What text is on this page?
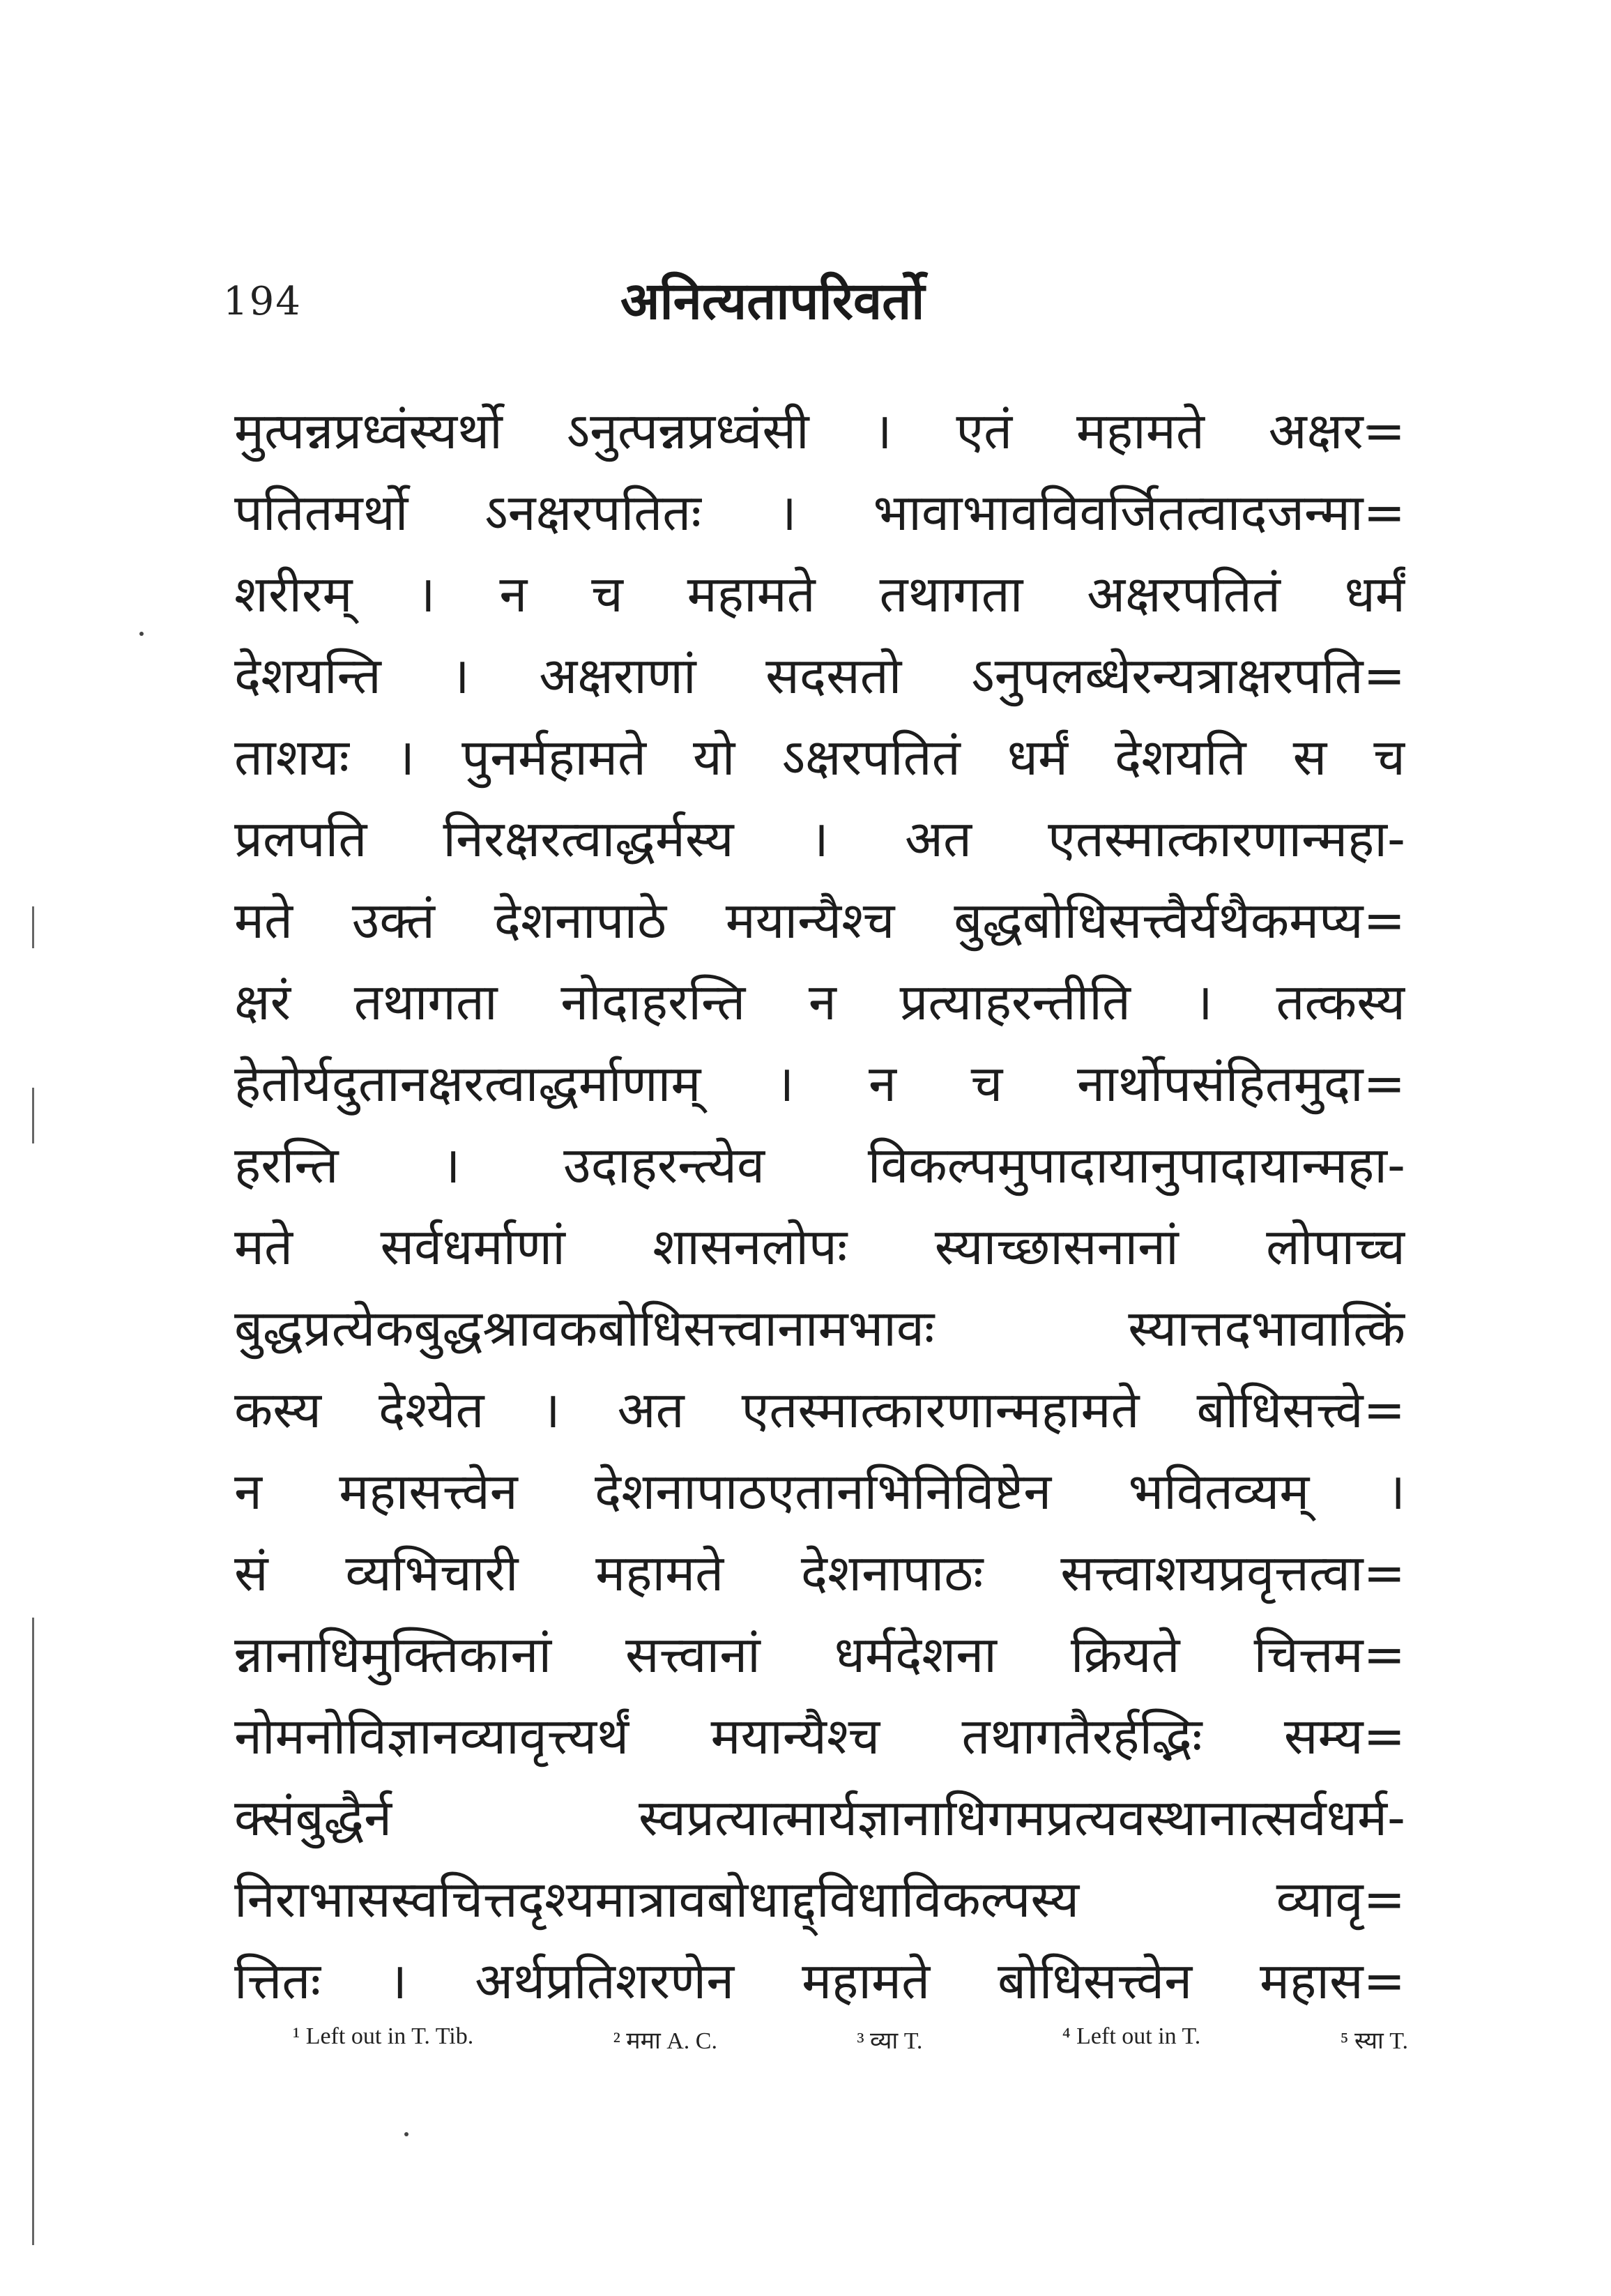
194	अनित्यतापरिवर्तो
मुत्पन्नप्रध्वंस्यर्थो ऽनुत्पन्नप्रध्वंसी । एतं महामते अक्षर=
पतितमर्थो ऽनक्षरपतितः । भावाभावविवर्जितत्वादजन्मा=
शरीरम् । न च महामते तथागता अक्षरपतितं धर्मं
देशयन्ति । अक्षराणां सदसतो ऽनुपलब्धेरन्यत्राक्षरपति=
ताशयः । पुनर्महामते यो ऽक्षरपतितं धर्मं देशयति स च
प्रलपति निरक्षरत्वाद्धर्मस्य । अत एतस्मात्कारणान्महा-
मते उक्तं देशनापाठे मयान्यैश्च बुद्धबोधिसत्त्वैर्यथैकमप्य=
क्षरं तथागता नोदाहरन्ति न प्रत्याहरन्तीति । तत्कस्य
हेतोर्यदुतानक्षरत्वाद्धर्माणाम् । न च नार्थोपसंहितमुदा=
हरन्ति । उदाहरन्त्येव विकल्पमुपादायानुपादायान्महा-
मते सर्वधर्माणां शासनलोपः स्याच्छासनानां लोपाच्च
बुद्धप्रत्येकबुद्धश्रावकबोधिसत्त्वानामभावः स्यात्तदभावात्किं
कस्य देश्येत । अत एतस्मात्कारणान्महामते बोधिसत्त्वे=
न महासत्त्वेन देशनापाठएतानभिनिविष्टेन भवितव्यम् ।
सं व्यभिचारी महामते देशनापाठः सत्त्वाशयप्रवृत्तत्वा=
न्नानाधिमुक्तिकानां सत्त्वानां धर्मदेशना क्रियते चित्तम=
नोमनोविज्ञानव्यावृत्त्यर्थं मयान्यैश्च तथागतैरर्हद्भिः सम्य=
क्संबुद्धैर्न स्वप्रत्यात्मार्यज्ञानाधिगमप्रत्यवस्थानात्सर्वधर्म-
निराभासस्वचित्तदृश्यमात्रावबोधाद्द्विधाविकल्पस्य व्यावृ=
त्तितः । अर्थप्रतिशरणेन महामते बोधिसत्त्वेन महास=
¹ Left out in T. Tib.	² ममा A. C.	³ व्या T.	⁴ Left out in T.	⁵ स्या T.
